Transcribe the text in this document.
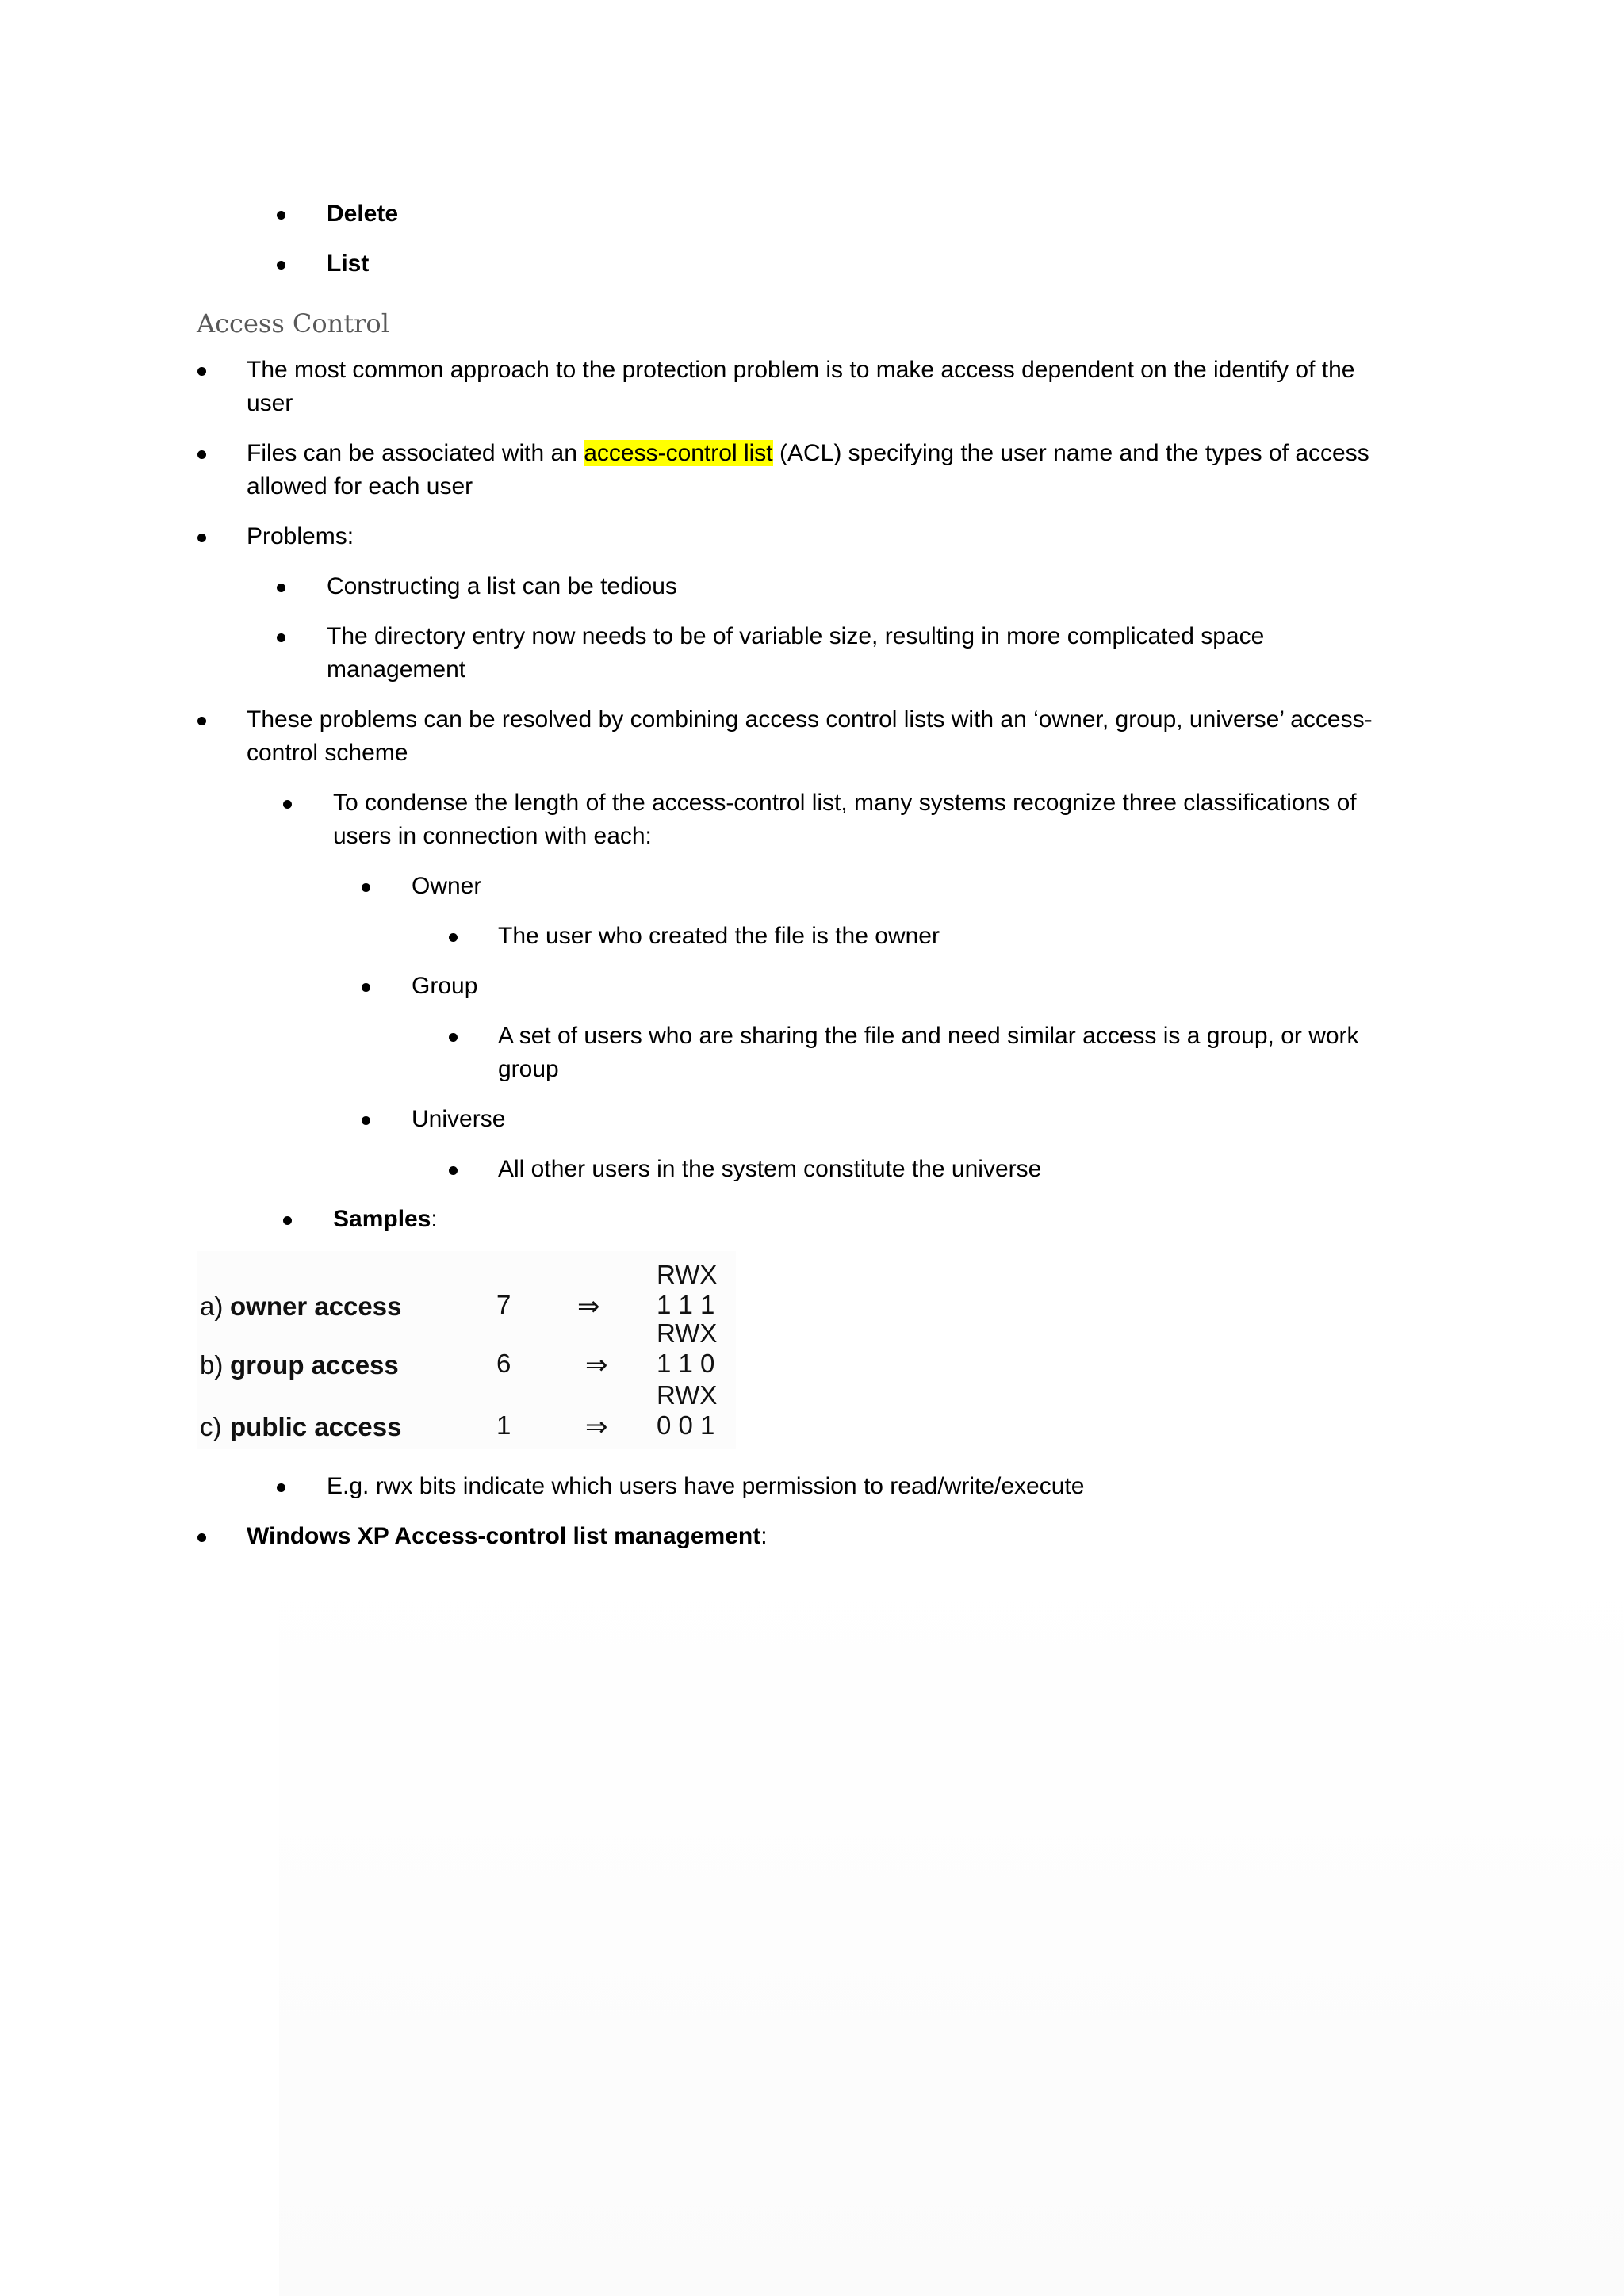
Delete
List
Access Control
The most common approach to the protection problem is to make access dependent on the identify of the
user
Files can be associated with an access-control list (ACL) specifying the user name and the types of access
allowed for each user
Problems:
Constructing a list can be tedious
The directory entry now needs to be of variable size, resulting in more complicated space
management
These problems can be resolved by combining access control lists with an ‘owner, group, universe’ access-
control scheme
To condense the length of the access-control list, many systems recognize three classifications of
users in connection with each:
Owner
The user who created the file is the owner
Group
A set of users who are sharing the file and need similar access is a group, or work
group
Universe
All other users in the system constitute the universe
Samples:
RWX
a) owner access	7 ⇒ 1 1 1
RWX
b) group access	6	⇒ 1 1 0
RWX
c) public access	1	⇒ 0 0 1
E.g. rwx bits indicate which users have permission to read/write/execute
Windows XP Access-control list management:
